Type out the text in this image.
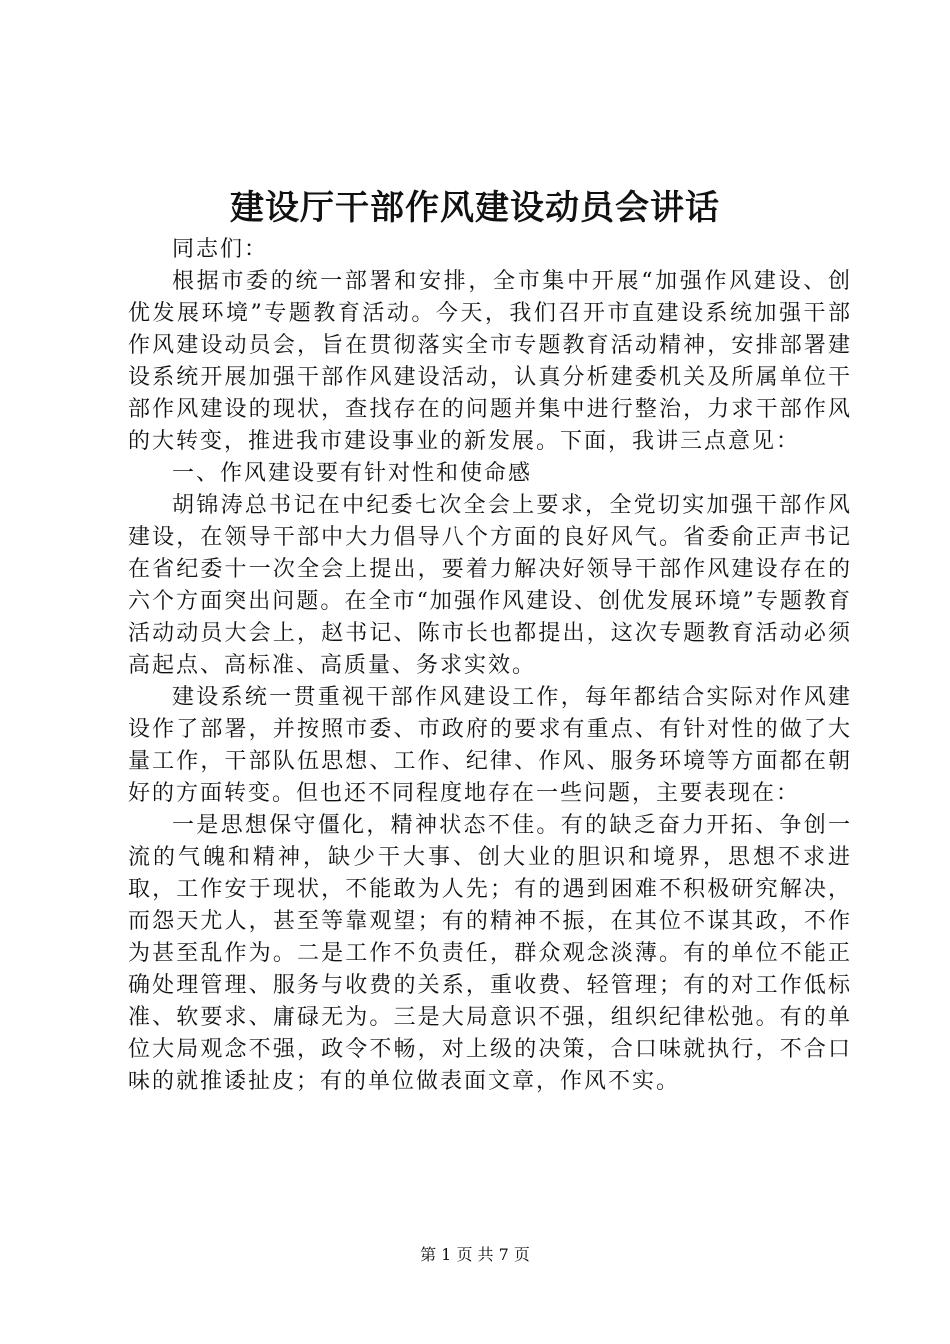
建设厅干部作风建设动员会讲话

同志们：

根据市委的统一部署和安排，全市集中开展“加强作风建设、创优发展环境”专题教育活动。今天，我们召开市直建设系统加强干部作风建设动员会，旨在贯彻落实全市专题教育活动精神，安排部署建设系统开展加强干部作风建设活动，认真分析建委机关及所属单位干部作风建设的现状，查找存在的问题并集中进行整治，力求干部作风的大转变，推进我市建设事业的新发展。下面，我讲三点意见：

一、作风建设要有针对性和使命感

胡锦涛总书记在中纪委七次全会上要求，全党切实加强干部作风建设，在领导干部中大力倡导八个方面的良好风气。省委俞正声书记在省纪委十一次全会上提出，要着力解决好领导干部作风建设存在的六个方面突出问题。在全市“加强作风建设、创优发展环境”专题教育活动动员大会上，赵书记、陈市长也都提出，这次专题教育活动必须高起点、高标准、高质量、务求实效。

建设系统一贯重视干部作风建设工作，每年都结合实际对作风建设作了部署，并按照市委、市政府的要求有重点、有针对性的做了大量工作，干部队伍思想、工作、纪律、作风、服务环境等方面都在朝好的方面转变。但也还不同程度地存在一些问题，主要表现在：

一是思想保守僵化，精神状态不佳。有的缺乏奋力开拓、争创一流的气魄和精神，缺少干大事、创大业的胆识和境界，思想不求进取，工作安于现状，不能敢为人先；有的遇到困难不积极研究解决，而怨天尤人，甚至等靠观望；有的精神不振，在其位不谋其政，不作为甚至乱作为。二是工作不负责任，群众观念淡薄。有的单位不能正确处理管理、服务与收费的关系，重收费、轻管理；有的对工作低标准、软要求、庸碌无为。三是大局意识不强，组织纪律松弛。有的单位大局观念不强，政令不畅，对上级的决策，合口味就执行，不合口味的就推诿扯皮；有的单位做表面文章，作风不实。

第 1 页 共 7 页
